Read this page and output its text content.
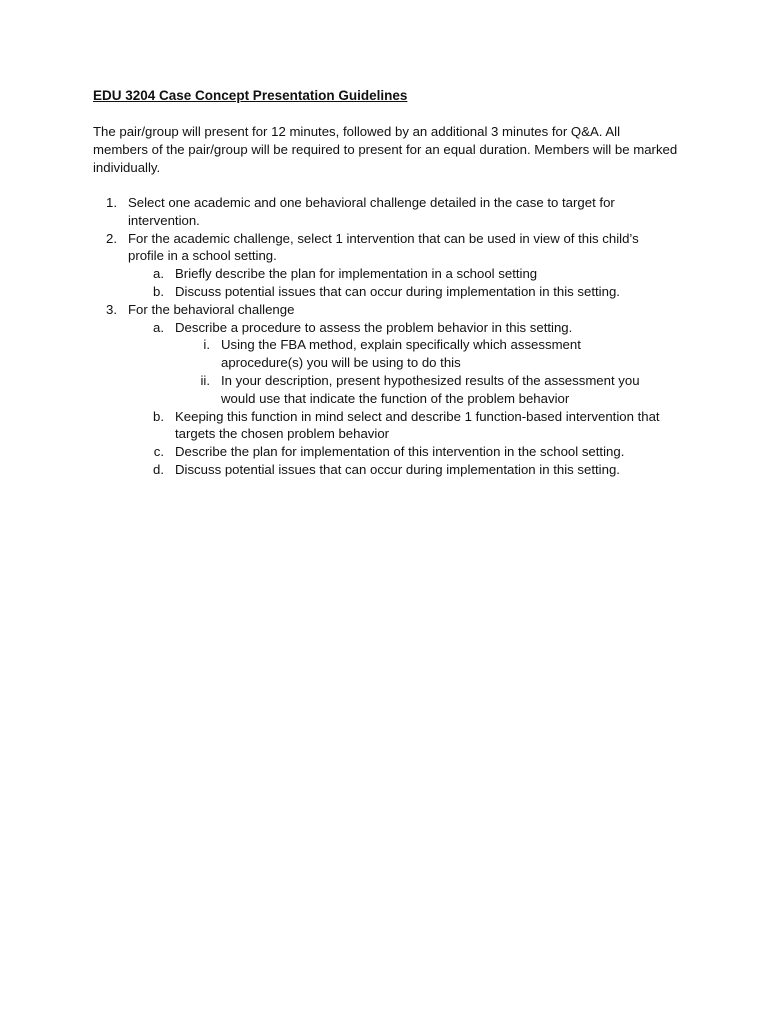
EDU 3204 Case Concept Presentation Guidelines
The pair/group will present for 12 minutes, followed by an additional 3 minutes for Q&A. All members of the pair/group will be required to present for an equal duration. Members will be marked individually.
1. Select one academic and one behavioral challenge detailed in the case to target for intervention.
2. For the academic challenge, select 1 intervention that can be used in view of this child’s profile in a school setting.
a. Briefly describe the plan for implementation in a school setting
b. Discuss potential issues that can occur during implementation in this setting.
3. For the behavioral challenge
a. Describe a procedure to assess the problem behavior in this setting.
i. Using the FBA method, explain specifically which assessment aprocedure(s) you will be using to do this
ii. In your description, present hypothesized results of the assessment you would use that indicate the function of the problem behavior
b. Keeping this function in mind select and describe 1 function-based intervention that targets the chosen problem behavior
c. Describe the plan for implementation of this intervention in the school setting.
d. Discuss potential issues that can occur during implementation in this setting.
